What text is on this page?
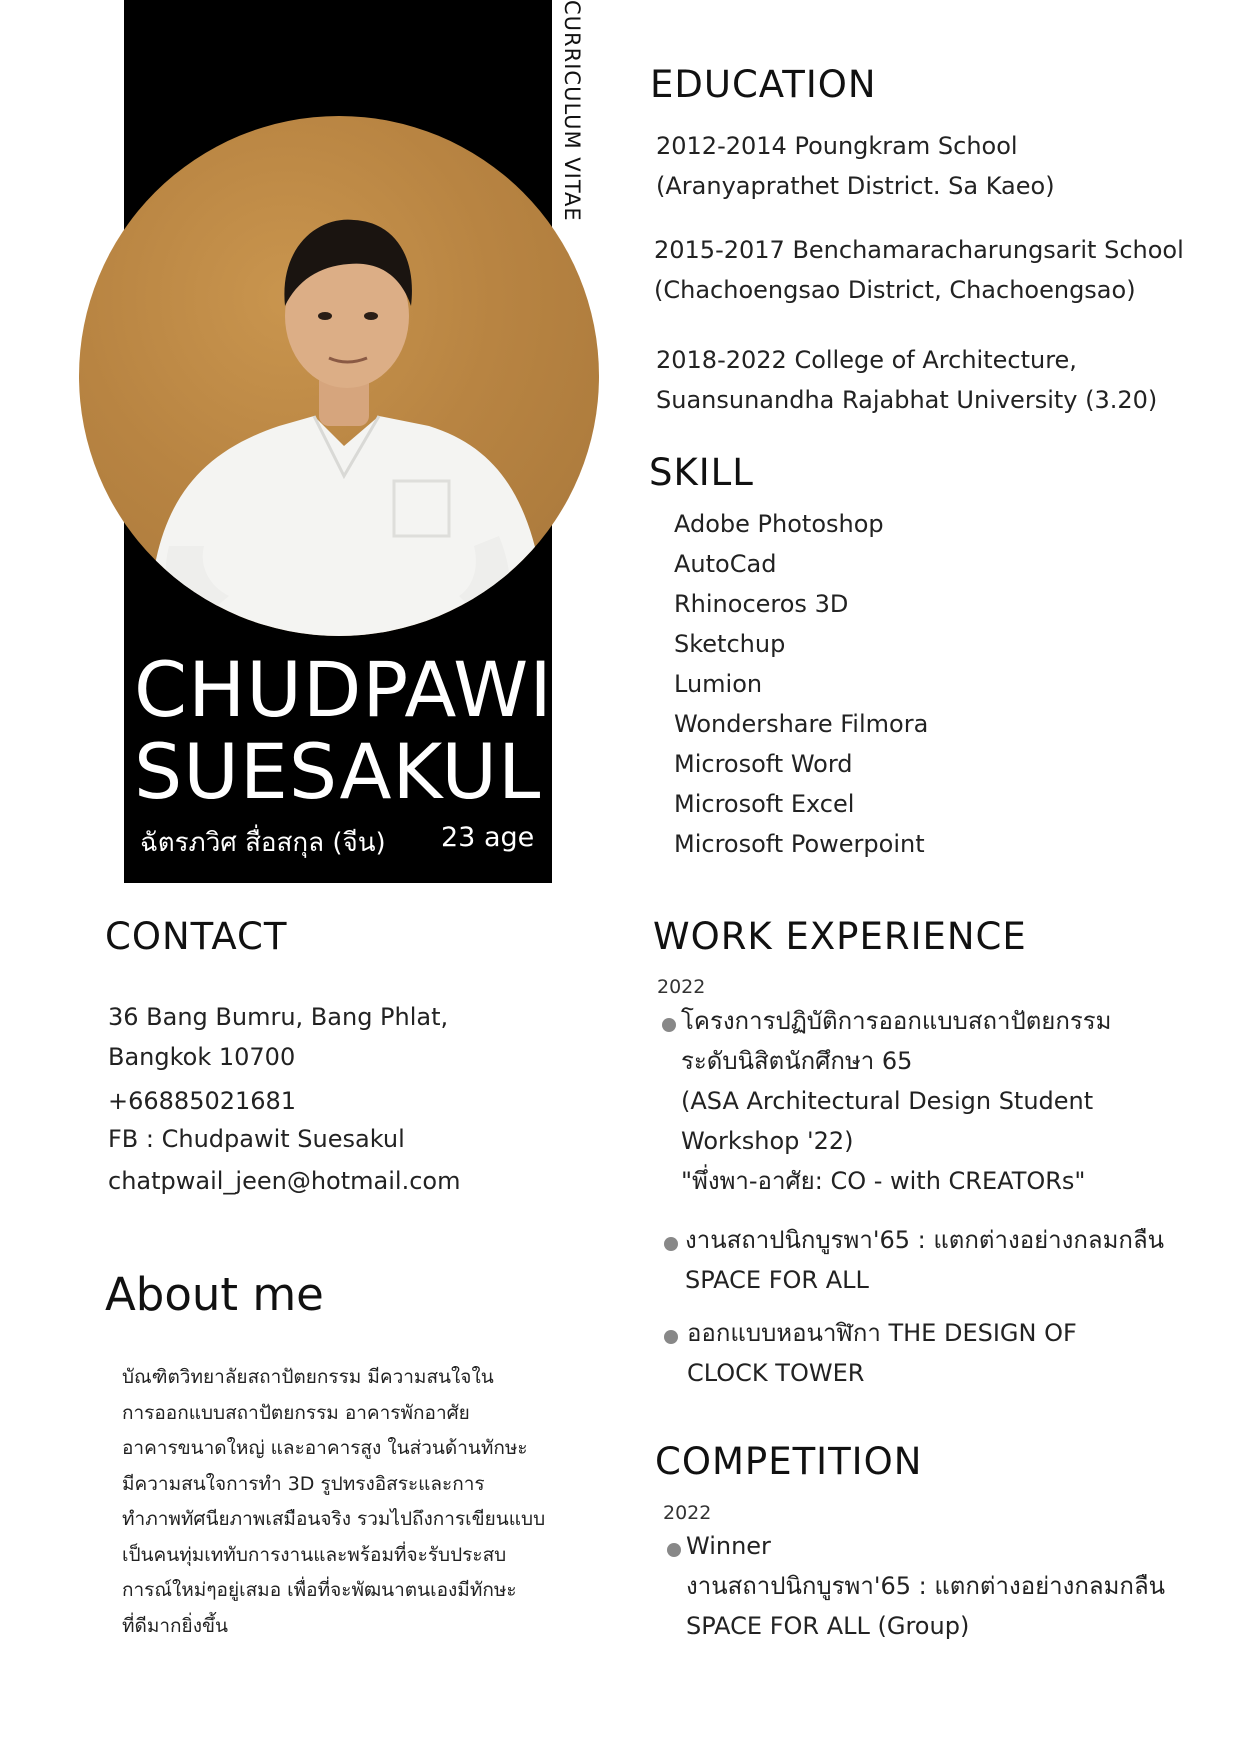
CURRICULUM VITAE
CHUDPAWIT
SUESAKUL
ฉัตรภวิศ สื่อสกุล (จีน) 23 age
EDUCATION
2012-2014 Poungkram School
(Aranyaprathet District. Sa Kaeo)
2015-2017 Benchamaracharungsarit School
(Chachoengsao District, Chachoengsao)
2018-2022 College of Architecture,
Suansunandha Rajabhat University (3.20)
SKILL
Adobe Photoshop
AutoCad
Rhinoceros 3D
Sketchup
Lumion
Wondershare Filmora
Microsoft Word
Microsoft Excel
Microsoft Powerpoint
CONTACT
36 Bang Bumru, Bang Phlat,
Bangkok 10700
+66885021681
FB : Chudpawit Suesakul
chatpwail_jeen@hotmail.com
About me
บัณฑิตวิทยาลัยสถาปัตยกรรม มีความสนใจใน
การออกแบบสถาปัตยกรรม อาคารพักอาศัย
อาคารขนาดใหญ่ และอาคารสูง ในส่วนด้านทักษะ
มีความสนใจการทำ 3D รูปทรงอิสระและการ
ทำภาพทัศนียภาพเสมือนจริง รวมไปถึงการเขียนแบบ
เป็นคนทุ่มเททับการงานและพร้อมที่จะรับประสบ
การณ์ใหม่ๆอยู่เสมอ เพื่อที่จะพัฒนาตนเองมีทักษะ
ที่ดีมากยิ่งขึ้น
WORK EXPERIENCE
2022
โครงการปฏิบัติการออกแบบสถาปัตยกรรม
ระดับนิสิตนักศึกษา 65
(ASA Architectural Design Student
Workshop '22)
"พึ่งพา-อาศัย: CO - with CREATORs"
งานสถาปนิกบูรพา'65 : แตกต่างอย่างกลมกลืน
SPACE FOR ALL
ออกแบบหอนาฬิกา THE DESIGN OF
CLOCK TOWER
COMPETITION
2022
Winner
งานสถาปนิกบูรพา'65 : แตกต่างอย่างกลมกลืน
SPACE FOR ALL (Group)
